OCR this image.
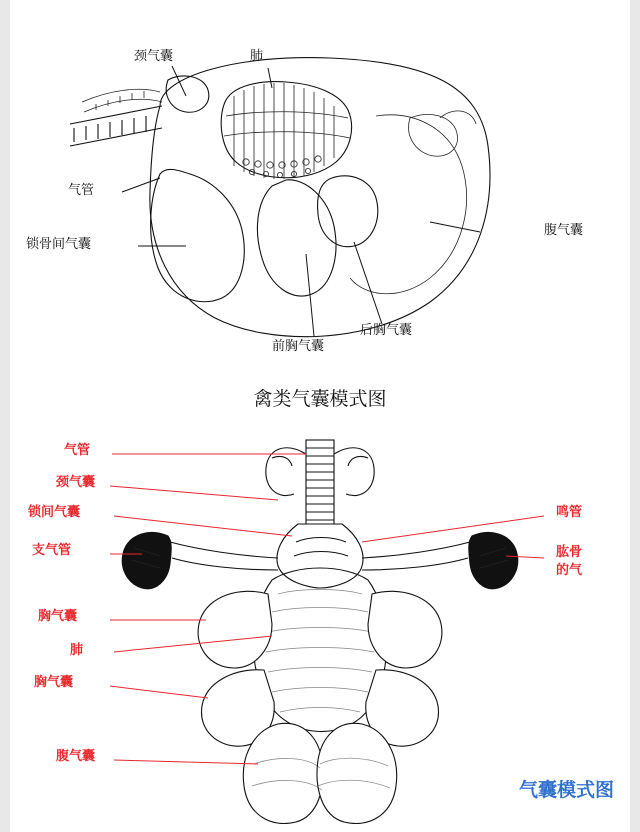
颈气囊	肺
气管
锁骨间气囊
腹气囊
前胸气囊
后胸气囊
禽类气囊模式图
气管
颈气囊
锁间气囊
支气管
胸气囊
肺
胸气囊
腹气囊
鸣管
肱骨
的气
气囊模式图
